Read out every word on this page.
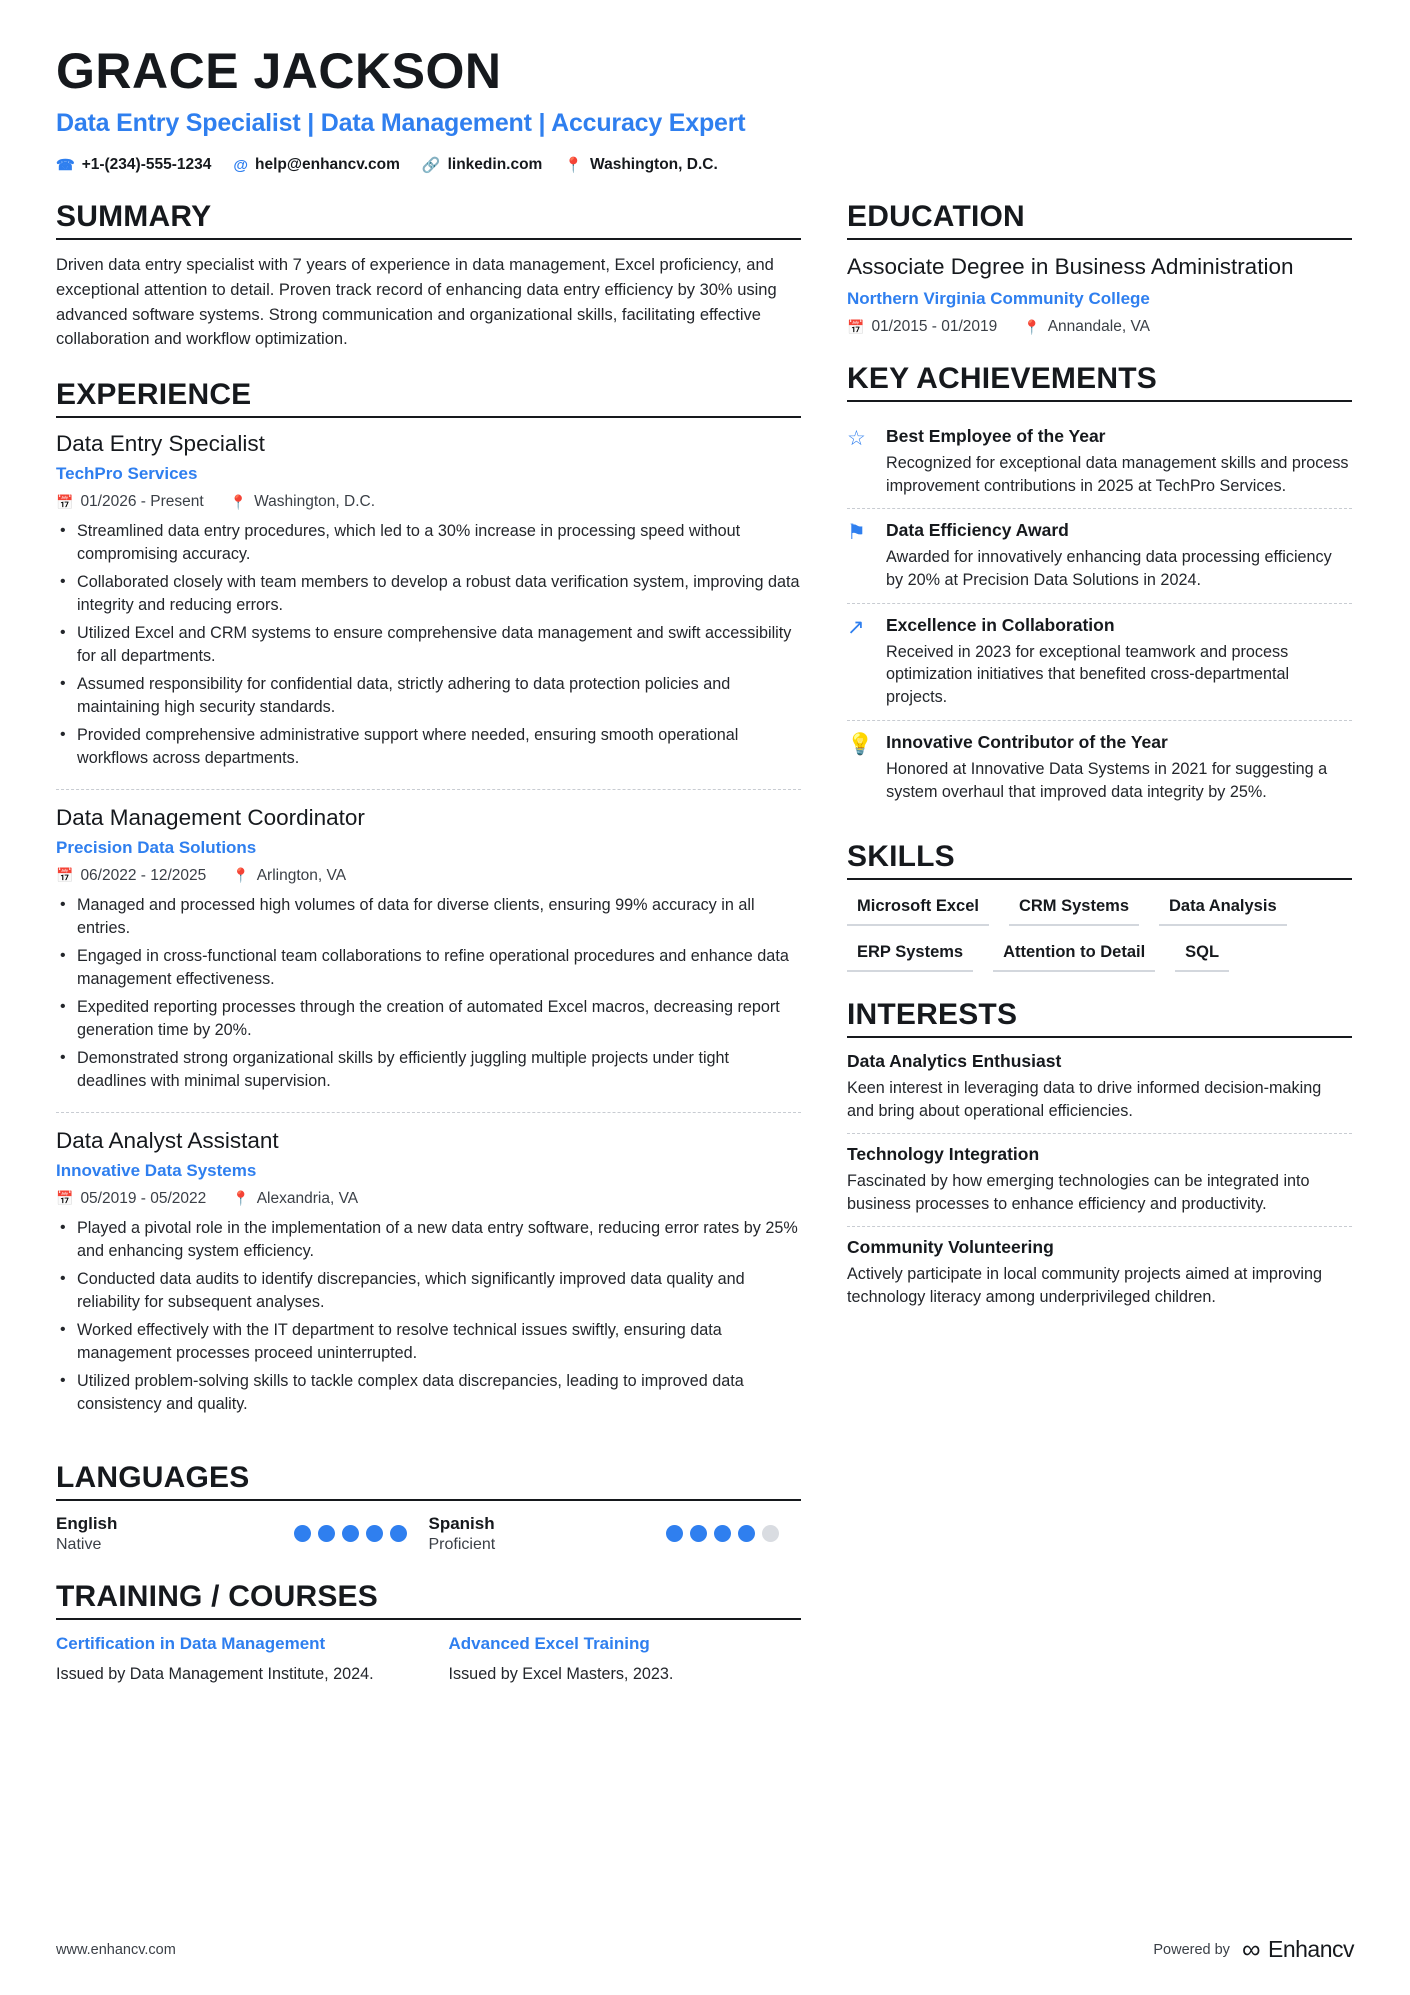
GRACE JACKSON
Data Entry Specialist | Data Management | Accuracy Expert
☎ +1-(234)-555-1234 @ help@enhancv.com 🔗 linkedin.com 📍 Washington, D.C.
SUMMARY
Driven data entry specialist with 7 years of experience in data management, Excel proficiency, and exceptional attention to detail. Proven track record of enhancing data entry efficiency by 30% using advanced software systems. Strong communication and organizational skills, facilitating effective collaboration and workflow optimization.
EXPERIENCE
Data Entry Specialist
TechPro Services
📅 01/2026 - Present 📍 Washington, D.C.
• Streamlined data entry procedures, which led to a 30% increase in processing speed without compromising accuracy.
• Collaborated closely with team members to develop a robust data verification system, improving data integrity and reducing errors.
• Utilized Excel and CRM systems to ensure comprehensive data management and swift accessibility for all departments.
• Assumed responsibility for confidential data, strictly adhering to data protection policies and maintaining high security standards.
• Provided comprehensive administrative support where needed, ensuring smooth operational workflows across departments.
Data Management Coordinator
Precision Data Solutions
📅 06/2022 - 12/2025 📍 Arlington, VA
• Managed and processed high volumes of data for diverse clients, ensuring 99% accuracy in all entries.
• Engaged in cross-functional team collaborations to refine operational procedures and enhance data management effectiveness.
• Expedited reporting processes through the creation of automated Excel macros, decreasing report generation time by 20%.
• Demonstrated strong organizational skills by efficiently juggling multiple projects under tight deadlines with minimal supervision.
Data Analyst Assistant
Innovative Data Systems
📅 05/2019 - 05/2022 📍 Alexandria, VA
• Played a pivotal role in the implementation of a new data entry software, reducing error rates by 25% and enhancing system efficiency.
• Conducted data audits to identify discrepancies, which significantly improved data quality and reliability for subsequent analyses.
• Worked effectively with the IT department to resolve technical issues swiftly, ensuring data management processes proceed uninterrupted.
• Utilized problem-solving skills to tackle complex data discrepancies, leading to improved data consistency and quality.
LANGUAGES
English
Native
Spanish
Proficient
TRAINING / COURSES
Certification in Data Management
Issued by Data Management Institute, 2024.
Advanced Excel Training
Issued by Excel Masters, 2023.
EDUCATION
Associate Degree in Business Administration
Northern Virginia Community College
📅 01/2015 - 01/2019 📍 Annandale, VA
KEY ACHIEVEMENTS
☆	Best Employee of the Year
Recognized for exceptional data management skills and process improvement contributions in 2025 at TechPro Services.
⚑	Data Efficiency Award
Awarded for innovatively enhancing data processing efficiency by 20% at Precision Data Solutions in 2024.
↗	Excellence in Collaboration
Received in 2023 for exceptional teamwork and process optimization initiatives that benefited cross-departmental projects.
💡 Innovative Contributor of the Year
Honored at Innovative Data Systems in 2021 for suggesting a system overhaul that improved data integrity by 25%.
SKILLS
Microsoft Excel	CRM Systems	Data Analysis
ERP Systems	Attention to Detail	SQL
INTERESTS
Data Analytics Enthusiast
Keen interest in leveraging data to drive informed decision-making and bring about operational efficiencies.
Technology Integration
Fascinated by how emerging technologies can be integrated into business processes to enhance efficiency and productivity.
Community Volunteering
Actively participate in local community projects aimed at improving technology literacy among underprivileged children.
www.enhancv.com	Powered by ∞ Enhancv
